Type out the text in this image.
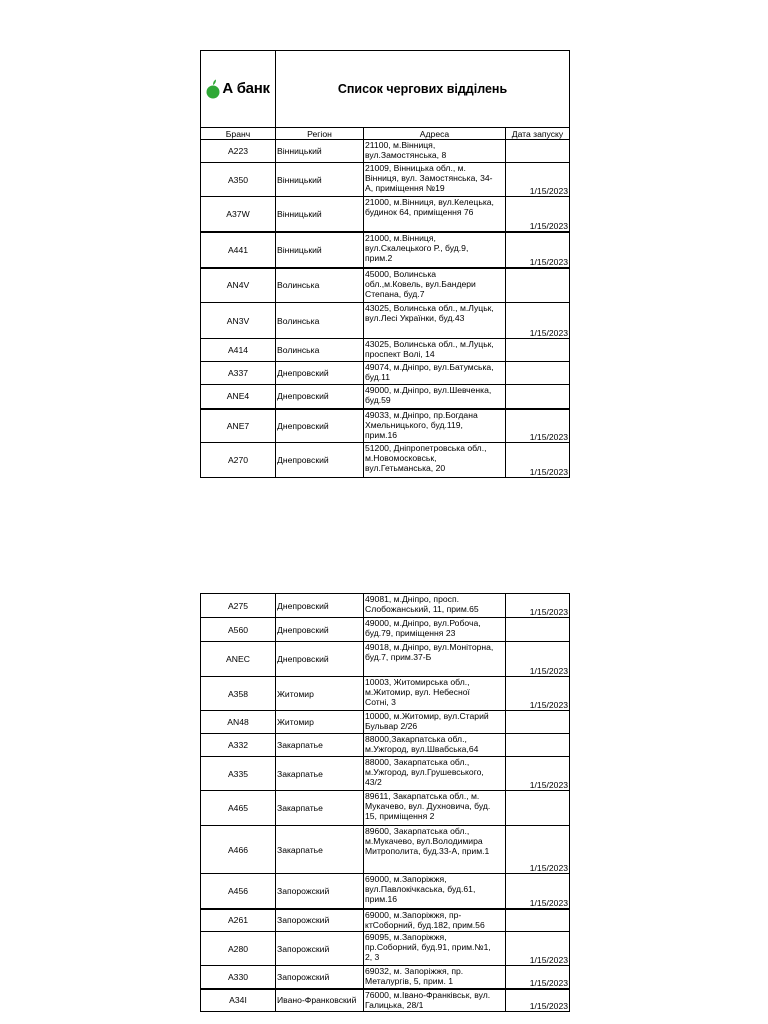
А банк	Список чергових відділень		
Бранч	Регіон	Адреса	Дата запуску
A223	Вінницький	21100, м.Вінниця,
вул.Замостянська, 8	
A350	Вінницький	21009, Вінницька обл., м.
Вінниця, вул. Замостянська, 34-
А, приміщення №19	1/15/2023
A37W	Вінницький	21000, м.Вінниця, вул.Келецька,
будинок 64, приміщення 76	1/15/2023
A441	Вінницький	21000, м.Вінниця,
вул.Скалецького Р., буд.9,
прим.2	1/15/2023
AN4V	Волинська	45000, Волинська
обл.,м.Ковель, вул.Бандери
Степана, буд.7	
AN3V	Волинська	43025, Волинська обл., м.Луцьк,
вул.Лесі Українки, буд.43	1/15/2023
A414	Волинська	43025, Волинська обл., м.Луцьк,
проспект Волі, 14	
A337	Днепровский	49074, м.Дніпро, вул.Батумська,
буд.11	
ANE4	Днепровский	49000, м.Дніпро, вул.Шевченка,
буд.59	
ANE7	Днепровский	49033, м.Дніпро, пр.Богдана
Хмельницького, буд.119,
прим.16	1/15/2023
A270	Днепровский	51200, Дніпропетровська обл.,
м.Новомосковськ,
вул.Гетьманська, 20	1/15/2023
A275	Днепровский	49081, м.Дніпро, просп.
Слобожанський, 11, прим.65	1/15/2023
A560	Днепровский	49000, м.Дніпро, вул.Робоча,
буд.79, приміщення 23	
ANEC	Днепровский	49018, м.Дніпро, вул.Моніторна,
буд.7, прим.37-Б	1/15/2023
A358	Житомир	10003, Житомирська обл.,
м.Житомир, вул. Небесної
Сотні, 3	1/15/2023
AN48	Житомир	10000, м.Житомир, вул.Старий
Бульвар 2/26	
A332	Закарпатье	88000,Закарпатська обл.,
м.Ужгород, вул.Швабська,64	
A335	Закарпатье	88000, Закарпатська обл.,
м.Ужгород, вул.Грушевського,
43/2	1/15/2023
A465	Закарпатье	89611, Закарпатська обл., м.
Мукачево, вул. Духновича, буд.
15, приміщення 2	
A466	Закарпатье	89600, Закарпатська обл.,
м.Мукачево, вул.Володимира
Митрополита, буд.33-А, прим.1	1/15/2023
A456	Запорожский	69000, м.Запоріжжя,
вул.Павлокічкаська, буд.61,
прим.16	1/15/2023
A261	Запорожский	69000, м.Запоріжжя, пр-
ктСоборний, буд.182, прим.56	
A280	Запорожский	69095, м.Запоріжжя,
пр.Соборний, буд.91, прим.№1,
2, 3	1/15/2023
A330	Запорожский	69032, м. Запоріжжя, пр.
Металургів, 5, прим. 1	1/15/2023
A34I	Ивано-Франковский	76000, м.Івано-Франківськ, вул.
Галицька, 28/1	1/15/2023
